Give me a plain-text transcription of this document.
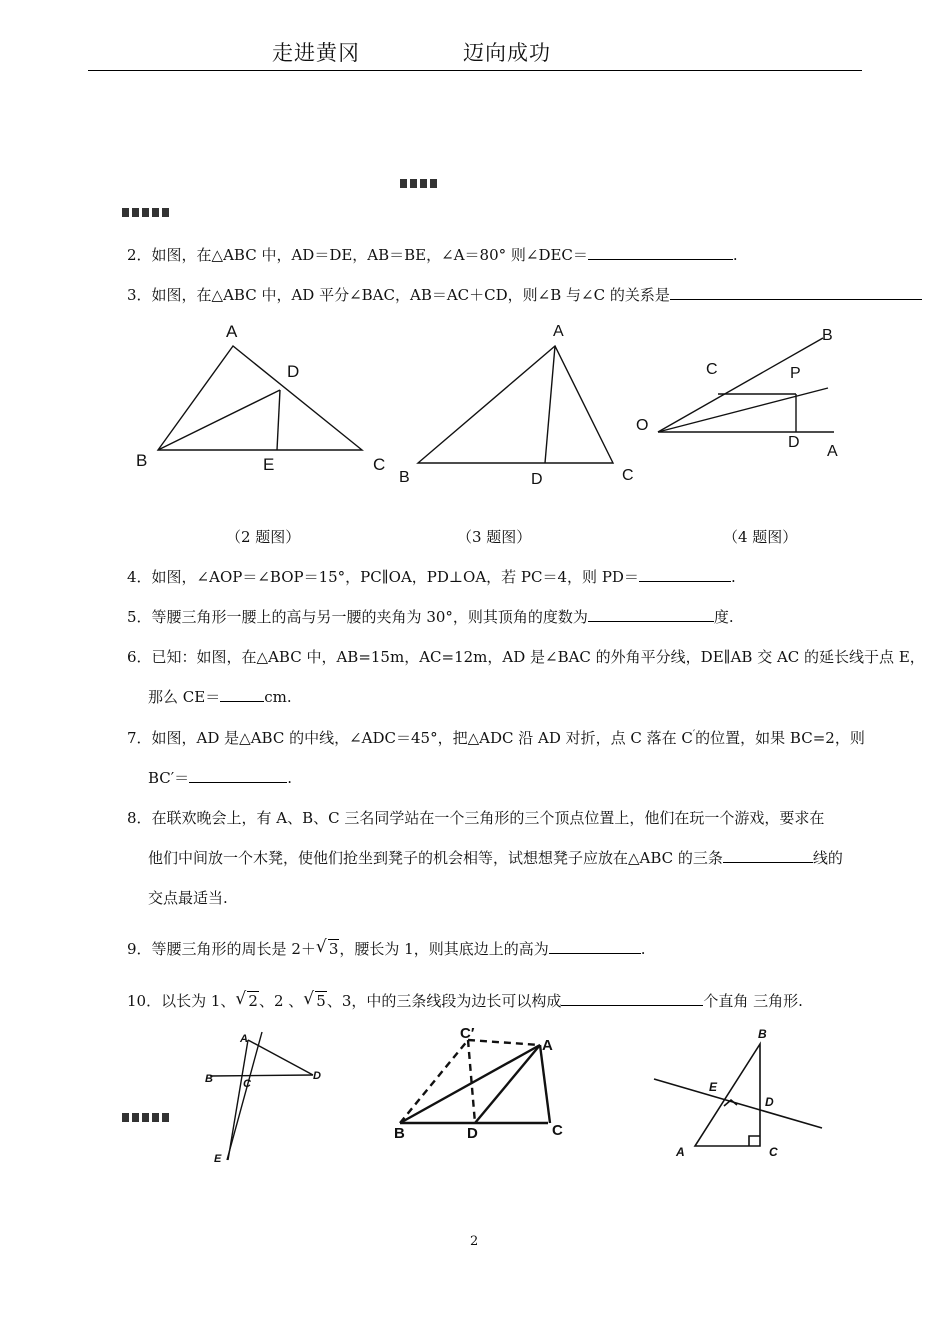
走进黄冈	迈向成功
2．如图，在△ABC 中，AD＝DE，AB＝BE，∠A＝80° 则∠DEC＝	.
3．如图，在△ABC 中，AD 平分∠BAC，AB＝AC＋CD，则∠B 与∠C 的关系是
A
D
B	E	C
A
B	D	C
B
C	P
O
D
A
（2 题图）	（3 题图）	（4 题图）
4．如图，∠AOP＝∠BOP＝15°，PC∥OA，PD⊥OA，若 PC＝4，则 PD＝	.
5．等腰三角形一腰上的高与另一腰的夹角为 30°，则其顶角的度数为	度.
6．已知：如图，在△ABC 中，AB=15m，AC=12m，AD 是∠BAC 的外角平分线，DE∥AB 交 AC 的延长线于点 E，
那么 CE＝	cm.
7．如图，AD 是△ABC 的中线，∠ADC＝45°，把△ADC 沿 AD 对折，点 C 落在 C′的位置，如果 BC=2，则
BC′＝	.
8．在联欢晚会上，有 A、B、C 三名同学站在一个三角形的三个顶点位置上，他们在玩一个游戏，要求在
他们中间放一个木凳，使他们抢坐到凳子的机会相等，试想想凳子应放在△ABC 的三条	线的
交点最适当.
9．等腰三角形的周长是 2＋ √ 3，腰长为 1，则其底边上的高为	.
10．以长为 1、 √ 2、2 、 √ 5、3，中的三条线段为边长可以构成	个直角 三角形.
A
B	C
D
E
C′
A
B	D	C
B
E
D
A	C
2
